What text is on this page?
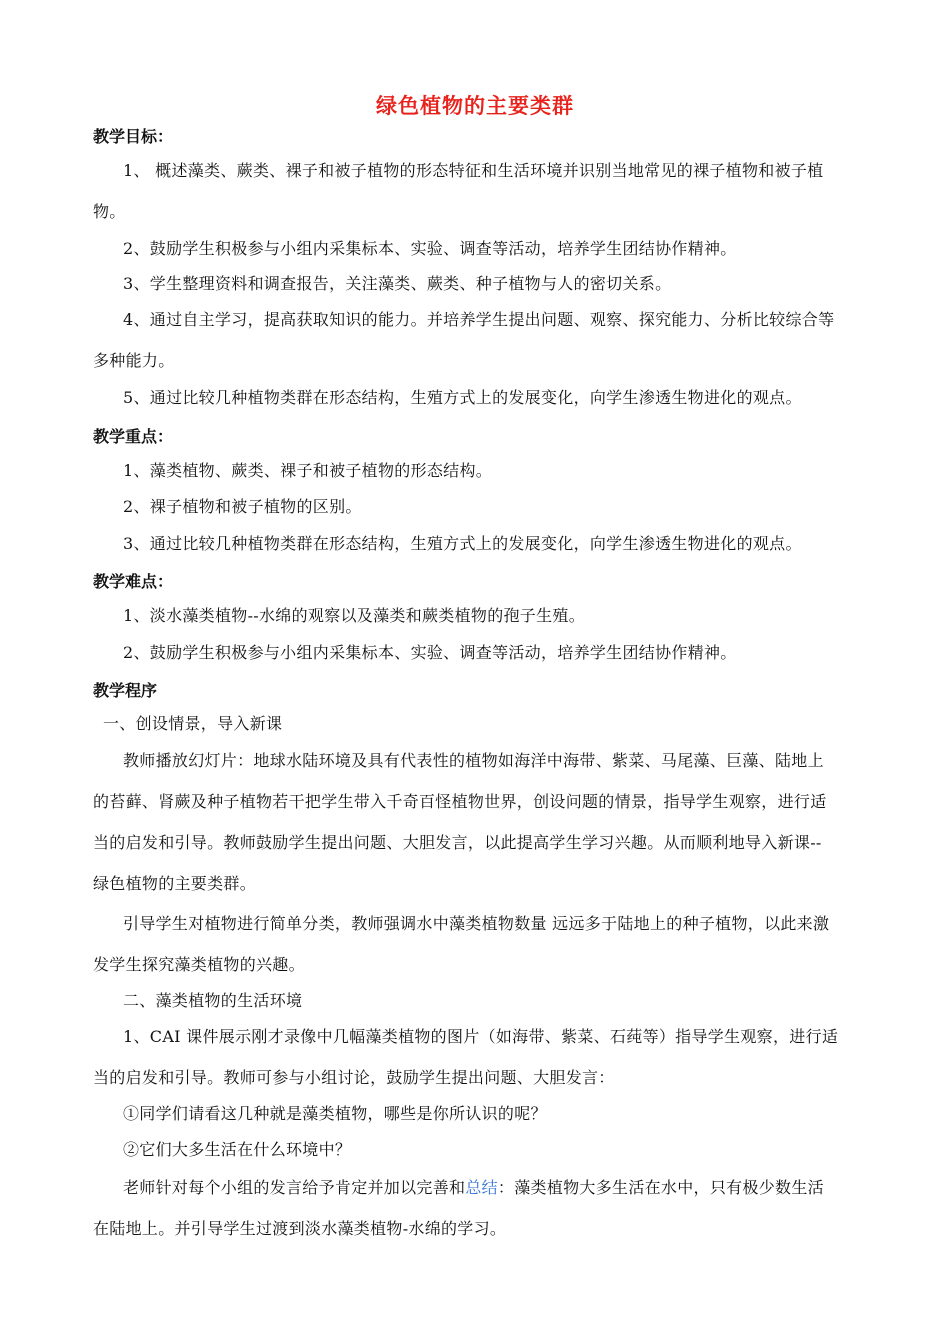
绿色植物的主要类群
教学目标：
1、 概述藻类、蕨类、裸子和被子植物的形态特征和生活环境并识别当地常见的裸子植物和被子植
物。
2、鼓励学生积极参与小组内采集标本、实验、调查等活动，培养学生团结协作精神。
3、学生整理资料和调查报告，关注藻类、蕨类、种子植物与人的密切关系。
4、通过自主学习，提高获取知识的能力。并培养学生提出问题、观察、探究能力、分析比较综合等
多种能力。
5、通过比较几种植物类群在形态结构，生殖方式上的发展变化，向学生渗透生物进化的观点。
教学重点：
1、藻类植物、蕨类、裸子和被子植物的形态结构。
2、裸子植物和被子植物的区别。
3、通过比较几种植物类群在形态结构，生殖方式上的发展变化，向学生渗透生物进化的观点。
教学难点：
1、淡水藻类植物--水绵的观察以及藻类和蕨类植物的孢子生殖。
2、鼓励学生积极参与小组内采集标本、实验、调查等活动，培养学生团结协作精神。
教学程序
一、创设情景，导入新课
教师播放幻灯片：地球水陆环境及具有代表性的植物如海洋中海带、紫菜、马尾藻、巨藻、陆地上
的苔藓、肾蕨及种子植物若干把学生带入千奇百怪植物世界，创设问题的情景，指导学生观察，进行适
当的启发和引导。教师鼓励学生提出问题、大胆发言，以此提高学生学习兴趣。从而顺利地导入新课--
绿色植物的主要类群。
引导学生对植物进行简单分类，教师强调水中藻类植物数量 远远多于陆地上的种子植物，以此来激
发学生探究藻类植物的兴趣。
二、藻类植物的生活环境
1、CAI 课件展示刚才录像中几幅藻类植物的图片（如海带、紫菜、石莼等）指导学生观察，进行适
当的启发和引导。教师可参与小组讨论，鼓励学生提出问题、大胆发言：
①同学们请看这几种就是藻类植物，哪些是你所认识的呢？
②它们大多生活在什么环境中？
老师针对每个小组的发言给予肯定并加以完善和总结：藻类植物大多生活在水中，只有极少数生活
在陆地上。并引导学生过渡到淡水藻类植物-水绵的学习。
